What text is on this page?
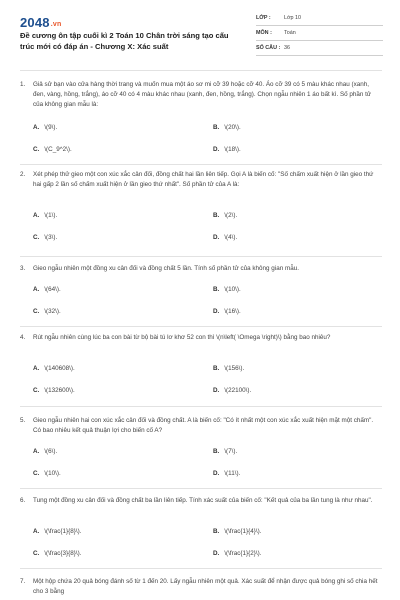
2048.vn
Đề cương ôn tập cuối kì 2 Toán 10 Chân trời sáng tạo cấu trúc mới có đáp án - Chương X: Xác suất
LỚP :	Lớp 10
MÔN :	Toán
SỐ CÂU : 36
1. Giả sử bạn vào cửa hàng thời trang và muốn mua một áo sơ mi cỡ 39 hoặc cỡ 40. Áo cỡ 39 có 5 màu khác nhau (xanh, đen, vàng, hồng, trắng), áo cỡ 40 có 4 màu khác nhau (xanh, đen, hồng, trắng). Chọn ngẫu nhiên 1 áo bất kì. Số phần tử của không gian mẫu là:
A. \(9\).	B. \(20\).
C. \(C_9^2\).	D. \(18\).
2. Xét phép thử gieo một con xúc xắc cân đối, đồng chất hai lần liên tiếp. Gọi A là biến cố: "Số chấm xuất hiện ở lần gieo thứ hai gấp 2 lần số chấm xuất hiện ở lần gieo thứ nhất". Số phần tử của A là:
A. \(1\).	B. \(2\).
C. \(3\).	D. \(4\).
3. Gieo ngẫu nhiên một đồng xu cân đối và đồng chất 5 lần. Tính số phần tử của không gian mẫu.
A. \(64\).	B. \(10\).
C. \(32\).	D. \(16\).
4. Rút ngẫu nhiên cùng lúc ba con bài từ bộ bài tú lơ khơ 52 con thì \(n\left( \Omega \right)\) bằng bao nhiêu?
A. \(140608\).	B. \(156\).
C. \(132600\).	D. \(22100\).
5. Gieo ngẫu nhiên hai con xúc xắc cân đối và đồng chất. A là biến cố: "Có ít nhất một con xúc xắc xuất hiện mặt một chấm". Có bao nhiêu kết quả thuận lợi cho biến cố A?
A. \(6\).	B. \(7\).
C. \(10\).	D. \(11\).
6. Tung một đồng xu cân đối và đồng chất ba lần liên tiếp. Tính xác suất của biến cố: "Kết quả của ba lần tung là như nhau".
A. \(\frac{1}{8}\).	B. \(\frac{1}{4}\).
C. \(\frac{3}{8}\).	D. \(\frac{1}{2}\).
7. Một hộp chứa 20 quả bóng đánh số từ 1 đến 20. Lấy ngẫu nhiên một quả. Xác suất để nhận được quả bóng ghi số chia hết cho 3 bằng
